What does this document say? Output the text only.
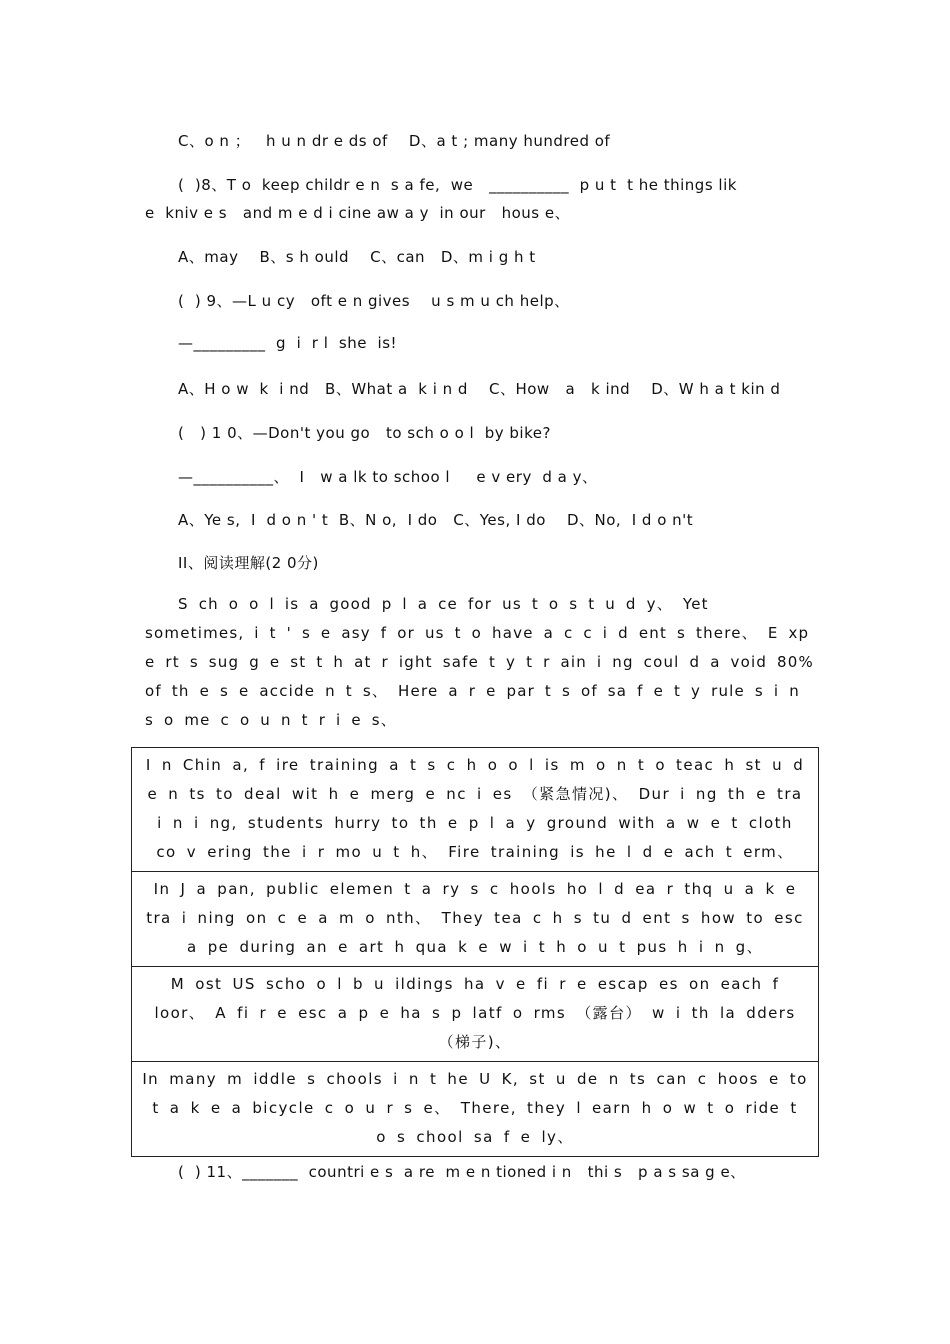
C、o n ；   h u n dr e ds of    D、a t ; many hundred of
(  )8、T o  keep childr e n  s a fe,  we   __________  p u t  t he things lik
e  kniv e s   and m e d i cine aw a y  in our   hous e、
A、may    B、s h ould    C、can   D、m i g h t
(  ) 9、—L u cy   oft e n gives    u s m u ch help、
—_________  g  i  r l  she  is!
A、H o w  k  i nd   B、What a  k i n d    C、How   a   k ind    D、W h a t kin d
(   ) 1 0、—Don't you go   to sch o o l  by bike?
—__________、  I   w a lk to schoo l     e v ery  d a y、
A、Ye s,  I  d o n ' t  B、N o,  I do   C、Yes, I do    D、No,  I d o n't
II、阅读理解(2 0分)
S ch o o l is a good p l a ce for us t o s t u d y、 Yet sometimes, i t ' s e asy f or us t o have a c c i d ent s there、 E xp e rt s sug g e st t h at r ight safe t y t r ain i ng coul d a void 80% of th e s e accide n t s、 Here a r e par t s of sa f e t y rule s i n s o me c o u n t r i e s、
I n Chin a, f ire training a t s c h o o l is m o n t o teac h st u d e n ts to deal wit h e merg e nc i es （紧急情况)、 Dur i ng th e tra i n i ng, students hurry to th e p l a y ground with a w e t cloth co v ering the i r mo u t h、 Fire training is he l d e ach t erm、
In J a pan, public elemen t a ry s c hools ho l d ea r thq u a k e tra i ning on c e a m o nth、 They tea c h s tu d ent s how to esc a pe during an e art h qua k e w i t h o u t pus h i n g、
M ost US scho o l b u ildings ha v e fi r e escap es on each f loor、 A fi r e esc a p e ha s p latf o rms （露台） w i th la dders （梯子)、
In many m iddle s chools i n t he U K, st u de n ts can c hoos e to t a k e a bicycle c o u r s e、 There, they l earn h o w t o ride t o s chool sa f e ly、
(  ) 11、_______  countri e s  a re  m e n tioned i n   thi s   p a s sa g e、
